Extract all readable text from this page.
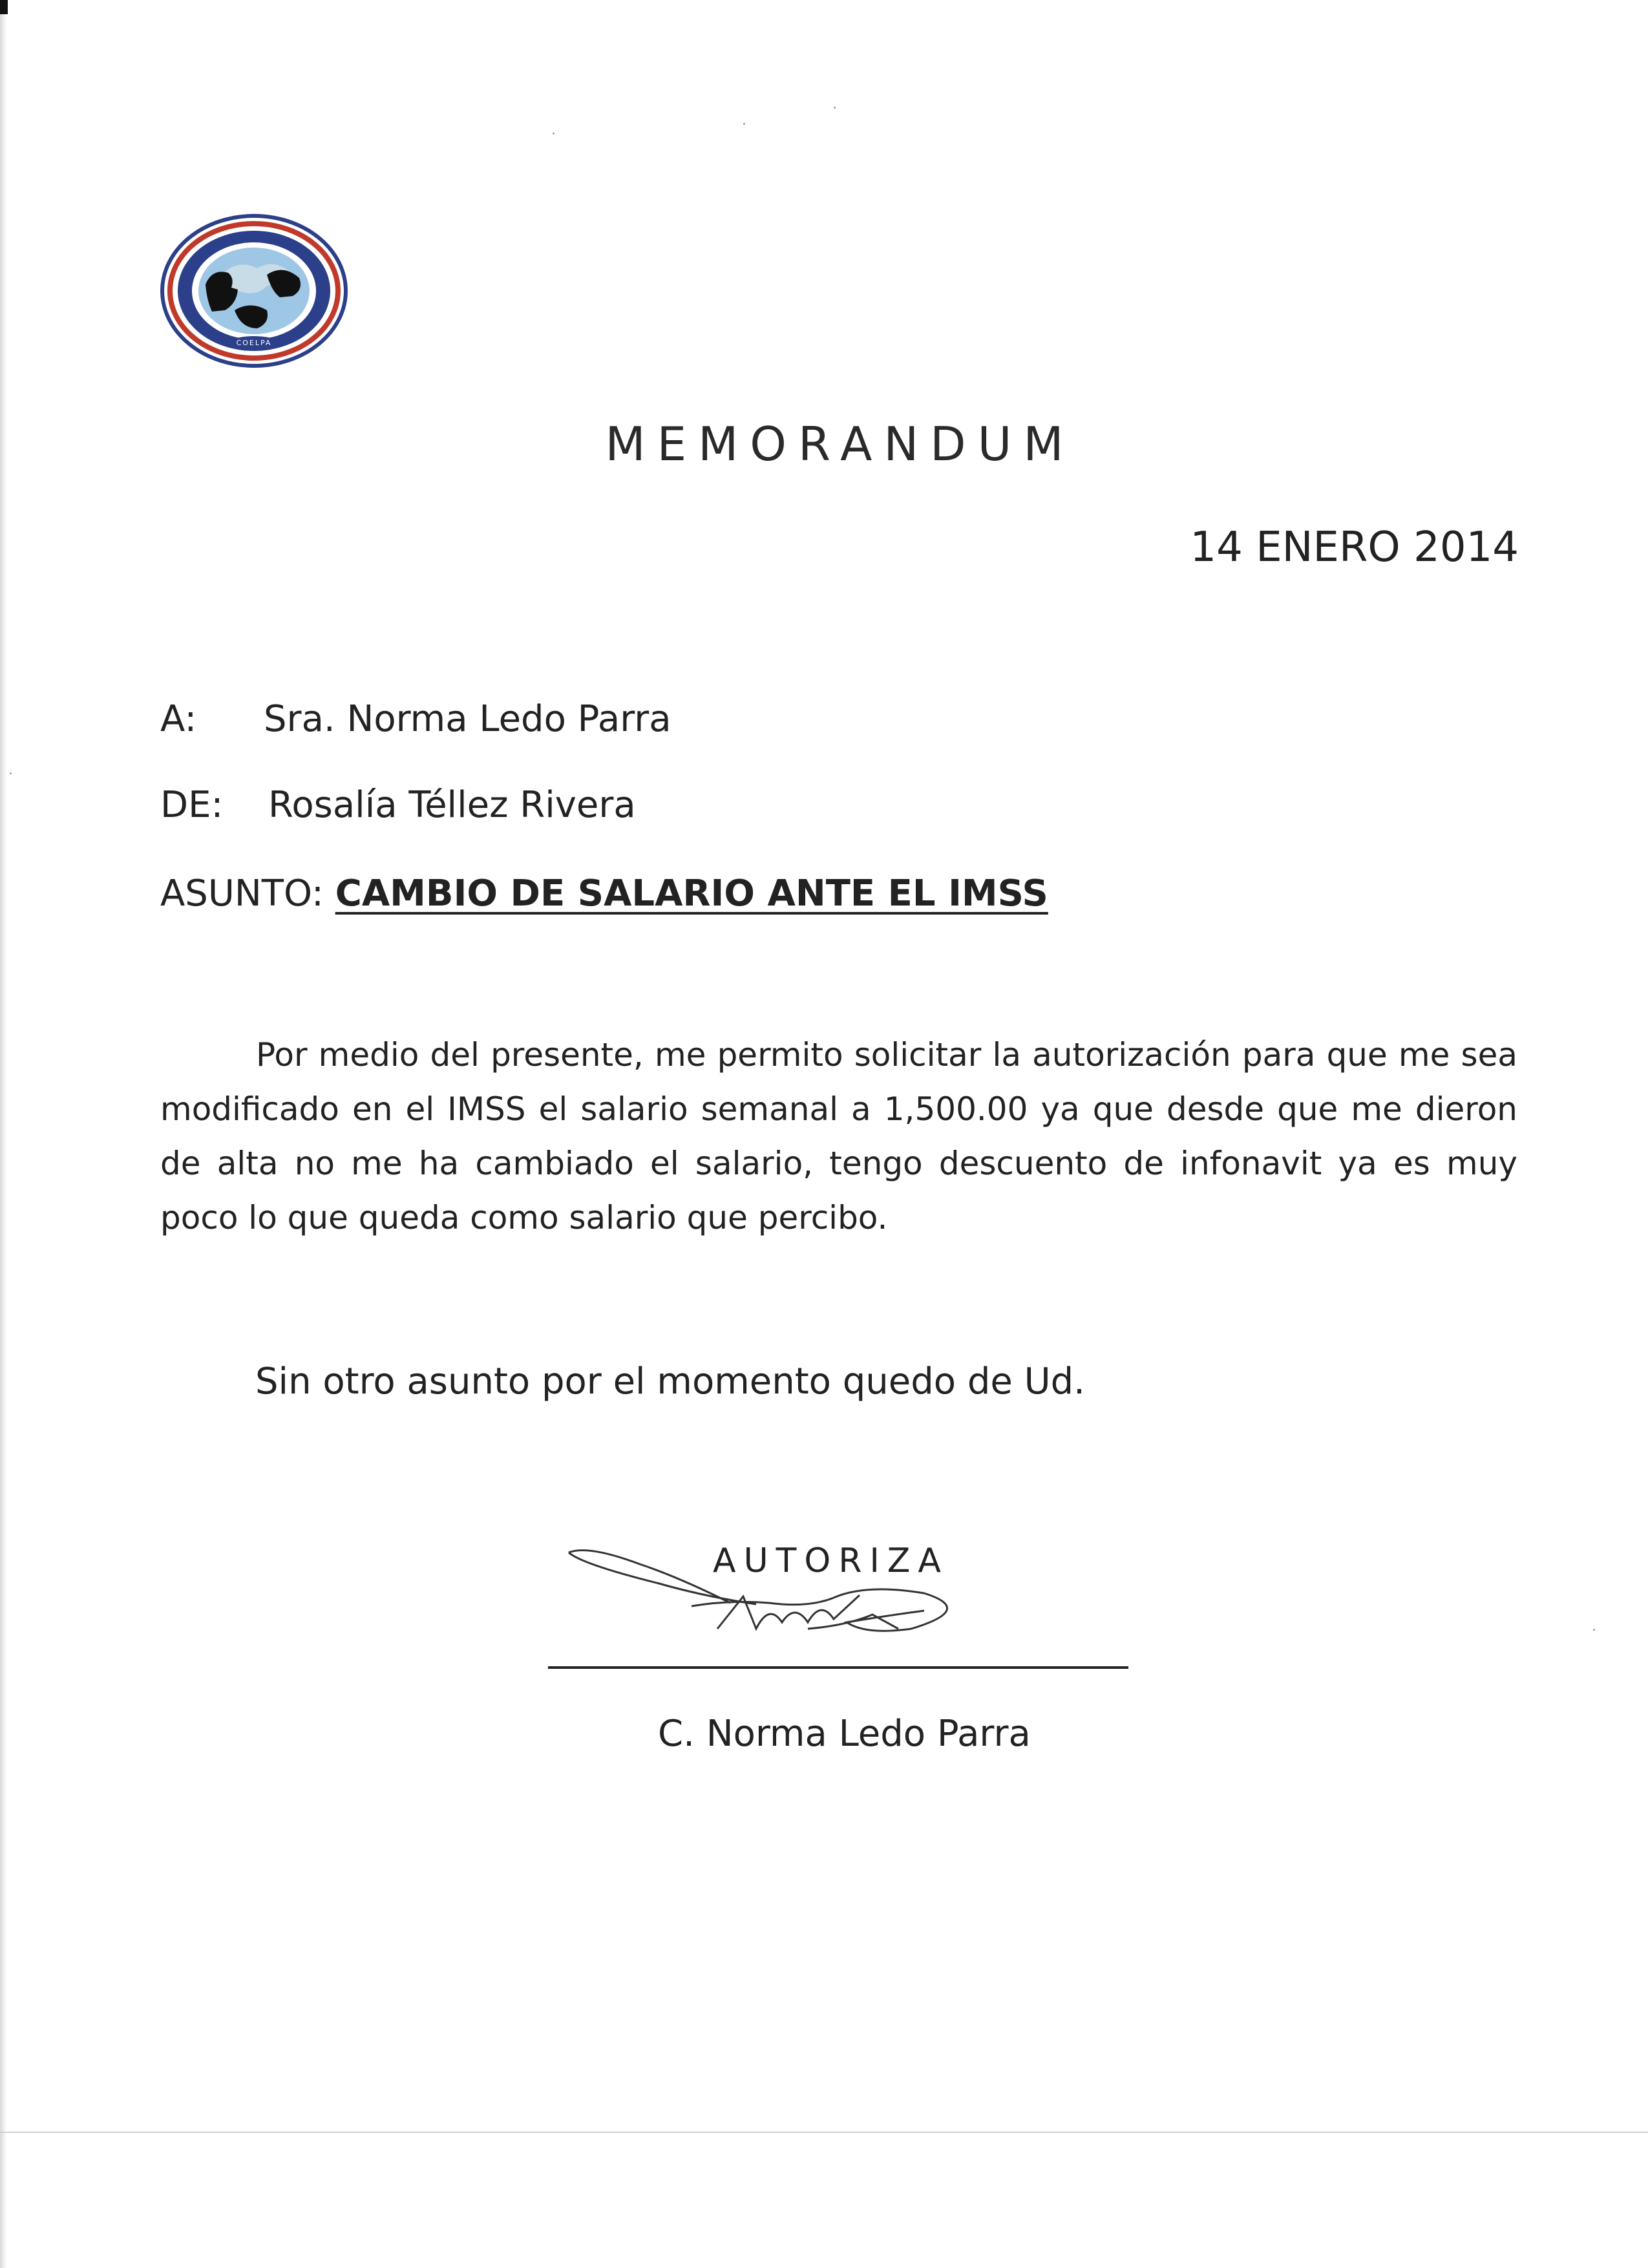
COELPA
MEMORANDUM
14 ENERO 2014
A: Sra. Norma Ledo Parra
DE: Rosalía Téllez Rivera
ASUNTO: CAMBIO DE SALARIO ANTE EL IMSS
Por medio del presente, me permito solicitar la autorización para que me sea modificado en el IMSS el salario semanal a 1,500.00 ya que desde que me dieron de alta no me ha cambiado el salario, tengo descuento de infonavit ya es muy poco lo que queda como salario que percibo.
Sin otro asunto por el momento quedo de Ud.
AUTORIZA
C. Norma Ledo Parra
